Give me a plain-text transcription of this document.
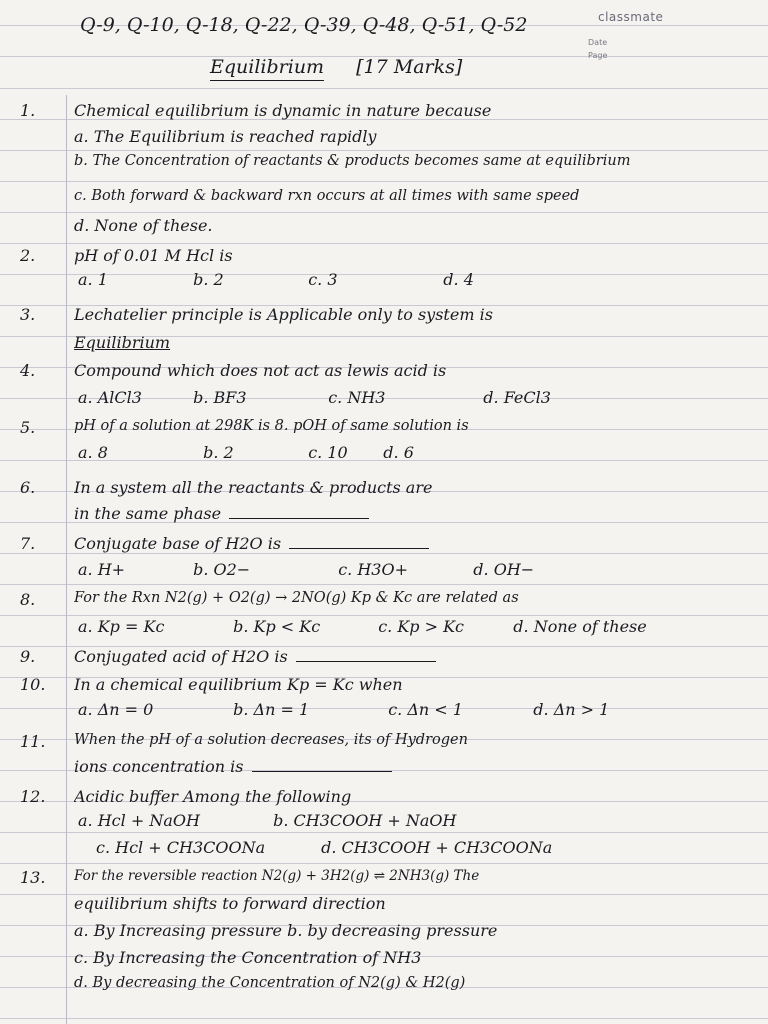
classmate
Date
Page
Q-9, Q-10, Q-18, Q-22, Q-39, Q-48, Q-51, Q-52
Equilibrium [17 Marks]
1.	Chemical equilibrium is dynamic in nature because
a. The Equilibrium is reached rapidly
b. The Concentration of reactants & products becomes same at equilibrium
c. Both forward & backward rxn occurs at all times with same speed
d. None of these.
2.	pH of 0.01 M Hcl is
a. 1	b. 2	c. 3	d. 4
3.	Lechatelier principle is Applicable only to system is
Equilibrium
4.	Compound which does not act as lewis acid is
a. AlCl3	b. BF3	c. NH3	d. FeCl3
5.	pH of a solution at 298K is 8. pOH of same solution is
a. 8	b. 2	c. 10 d. 6
6.	In a system all the reactants & products are
in the same phase
7.	Conjugate base of H2O is
a. H+	b. O2−	c. H3O+	d. OH−
8.	For the Rxn N2(g) + O2(g) → 2NO(g) Kp & Kc are related as
a. Kp = Kc	b. Kp < Kc	c. Kp > Kc	d. None of these
9.	Conjugated acid of H2O is
10.	In a chemical equilibrium Kp = Kc when
a. Δn = 0	b. Δn = 1	c. Δn < 1	d. Δn > 1
11.	When the pH of a solution decreases, its of Hydrogen
ions concentration is
12.	Acidic buffer Among the following
a. Hcl + NaOH	b. CH3COOH + NaOH
c. Hcl + CH3COONa	d. CH3COOH + CH3COONa
13.	For the reversible reaction N2(g) + 3H2(g) ⇌ 2NH3(g) The
equilibrium shifts to forward direction
a. By Increasing pressure b. by decreasing pressure
c. By Increasing the Concentration of NH3
d. By decreasing the Concentration of N2(g) & H2(g)
